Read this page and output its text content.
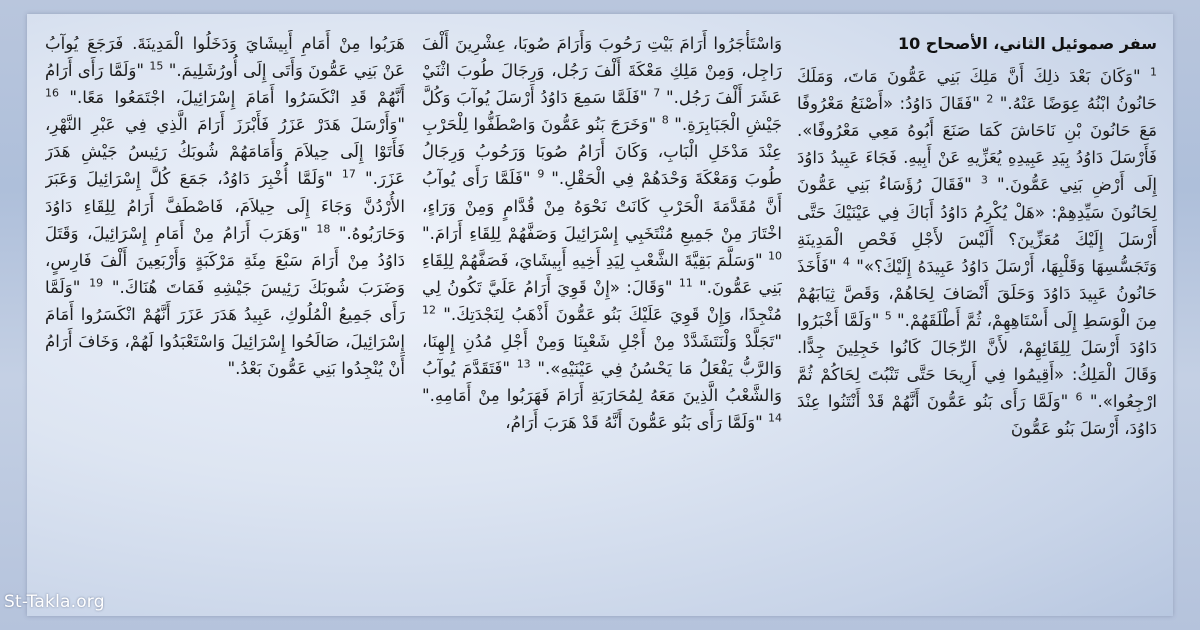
سفر صموئيل الثاني، الأصحاح 10
$^1$ "وَكَانَ بَعْدَ ذلِكَ أَنَّ مَلِكَ بَنِي عَمُّونَ مَاتَ، وَمَلَكَ حَانُونُ ابْنُهُ عِوَضًا عَنْهُ." $^2$ "فَقَالَ دَاوُدُ: «أَصْنَعُ مَعْرُوفًا مَعَ حَانُونَ بْنِ نَاحَاشَ كَمَا صَنَعَ أَبُوهُ مَعِي مَعْرُوفًا». فَأَرْسَلَ دَاوُدُ بِيَدِ عَبِيدِهِ يُعَزِّيهِ عَنْ أَبِيهِ. فَجَاءَ عَبِيدُ دَاوُدَ إِلَى أَرْضِ بَنِي عَمُّونَ." $^3$ "فَقَالَ رُؤَسَاءُ بَنِي عَمُّونَ لِحَانُونَ سَيِّدِهِمْ: «هَلْ يُكْرِمُ دَاوُدُ أَبَاكَ فِي عَيْنَيْكَ حَتَّى أَرْسَلَ إِلَيْكَ مُعَزِّينَ؟ أَلَيْسَ لأَجْلِ فَحْصِ الْمَدِينَةِ وَتَجَسُّسِهَا وَقَلْبِهَا، أَرْسَلَ دَاوُدُ عَبِيدَهُ إِلَيْكَ؟»" $^4$ "فَأَخَذَ حَانُونُ عَبِيدَ دَاوُدَ وَحَلَقَ أَنْصَافَ لِحَاهُمْ، وَقَصَّ ثِيَابَهُمْ مِنَ الْوَسَطِ إِلَى أَسْتَاهِهِمْ، ثُمَّ أَطْلَقَهُمْ." $^5$ "وَلَمَّا أَخْبَرُوا دَاوُدَ أَرْسَلَ لِلِقَائِهِمْ، لأَنَّ الرِّجَالَ كَانُوا خَجِلِينَ جِدًّا. وَقَالَ الْمَلِكُ: «أَقِيمُوا فِي أَرِيحَا حَتَّى تَنْبُتَ لِحَاكُمْ ثُمَّ ارْجِعُوا»." $^6$ "وَلَمَّا رَأَى بَنُو عَمُّونَ أَنَّهُمْ قَدْ أَنْتَنُوا عِنْدَ دَاوُدَ، أَرْسَلَ بَنُو عَمُّونَ
وَاسْتَأْجَرُوا أَرَامَ بَيْتِ رَحُوبَ وَأَرَامَ صُوبَا، عِشْرِينَ أَلْفَ رَاجِل، وَمِنْ مَلِكِ مَعْكَةَ أَلْفَ رَجُل، وَرِجَالَ طُوبَ اثْنَيْ عَشَرَ أَلْفَ رَجُل." $^7$ "فَلَمَّا سَمِعَ دَاوُدُ أَرْسَلَ يُوآبَ وَكُلَّ جَيْشِ الْجَبَابِرَةِ." $^8$ "وَخَرَجَ بَنُو عَمُّونَ وَاصْطَفُّوا لِلْحَرْبِ عِنْدَ مَدْخَلِ الْبَابِ، وَكَانَ أَرَامُ صُوبَا وَرَحُوبُ وَرِجَالُ طُوبَ وَمَعْكَةَ وَحْدَهُمْ فِي الْحَقْلِ." $^9$ "فَلَمَّا رَأَى يُوآبُ أَنَّ مُقَدَّمَةَ الْحَرْبِ كَانَتْ نَحْوَهُ مِنْ قُدَّامٍ وَمِنْ وَرَاءٍ، اخْتَارَ مِنْ جَمِيعِ مُنْتَخَبِي إِسْرَائِيلَ وَصَفَّهُمْ لِلِقَاءِ أَرَامَ." $^{10}$ "وَسَلَّمَ بَقِيَّةَ الشَّعْبِ لِيَدِ أَخِيهِ أَبِيشَايَ، فَصَفَّهُمْ لِلِقَاءِ بَنِي عَمُّونَ." $^{11}$ "وَقَالَ: «إِنْ قَوِيَ أَرَامُ عَلَيَّ تَكُونُ لِي مُنْجِدًا، وَإِنْ قَوِيَ عَلَيْكَ بَنُو عَمُّونَ أَذْهَبُ لِنَجْدَتِكَ." $^{12}$ "تَجَلَّدْ وَلْنَتَشَدَّدْ مِنْ أَجْلِ شَعْبِنَا وَمِنْ أَجْلِ مُدُنِ إِلهِنَا، وَالرَّبُّ يَفْعَلُ مَا يَحْسُنُ فِي عَيْنَيْهِ»." $^{13}$ "فَتَقَدَّمَ يُوآبُ وَالشَّعْبُ الَّذِينَ مَعَهُ لِمُحَارَبَةِ أَرَامَ فَهَرَبُوا مِنْ أَمَامِهِ." $^{14}$ "وَلَمَّا رَأَى بَنُو عَمُّونَ أَنَّهُ قَدْ هَرَبَ أَرَامُ،
هَرَبُوا مِنْ أَمَامِ أَبِيشَايَ وَدَخَلُوا الْمَدِينَةَ. فَرَجَعَ يُوآبُ عَنْ بَنِي عَمُّونَ وَأَتَى إِلَى أُورُشَلِيمَ." $^{15}$ "وَلَمَّا رَأَى أَرَامُ أَنَّهُمْ قَدِ انْكَسَرُوا أَمَامَ إِسْرَائِيلَ، اجْتَمَعُوا مَعًا." $^{16}$ "وَأَرْسَلَ هَدَرْ عَزَرُ فَأَبْرَزَ أَرَامَ الَّذِي فِي عَبْرِ النَّهْرِ، فَأَتَوْا إِلَى حِيلاَمَ وَأَمَامَهُمْ شُوبَكُ رَئِيسُ جَيْشِ هَدَرَ عَزَرَ." $^{17}$ "وَلَمَّا أُخْبِرَ دَاوُدُ، جَمَعَ كُلَّ إِسْرَائِيلَ وَعَبَرَ الأُرْدُنَّ وَجَاءَ إِلَى حِيلاَمَ، فَاصْطَفَّ أَرَامُ لِلِقَاءِ دَاوُدَ وَحَارَبُوهُ." $^{18}$ "وَهَرَبَ أَرَامُ مِنْ أَمَامِ إِسْرَائِيلَ، وَقَتَلَ دَاوُدُ مِنْ أَرَامَ سَبْعَ مِئَةِ مَرْكَبَةٍ وَأَرْبَعِينَ أَلْفَ فَارِسٍ، وَضَرَبَ شُوبَكَ رَئِيسَ جَيْشِهِ فَمَاتَ هُنَاكَ." $^{19}$ "وَلَمَّا رَأَى جَمِيعُ الْمُلُوكِ، عَبِيدُ هَدَرَ عَزَرَ أَنَّهُمْ انْكَسَرُوا أَمَامَ إِسْرَائِيلَ، صَالَحُوا إِسْرَائِيلَ وَاسْتَعْبَدُوا لَهُمْ، وَخَافَ أَرَامُ أَنْ يُنْجِدُوا بَنِي عَمُّونَ بَعْدُ."
St-Takla.org
